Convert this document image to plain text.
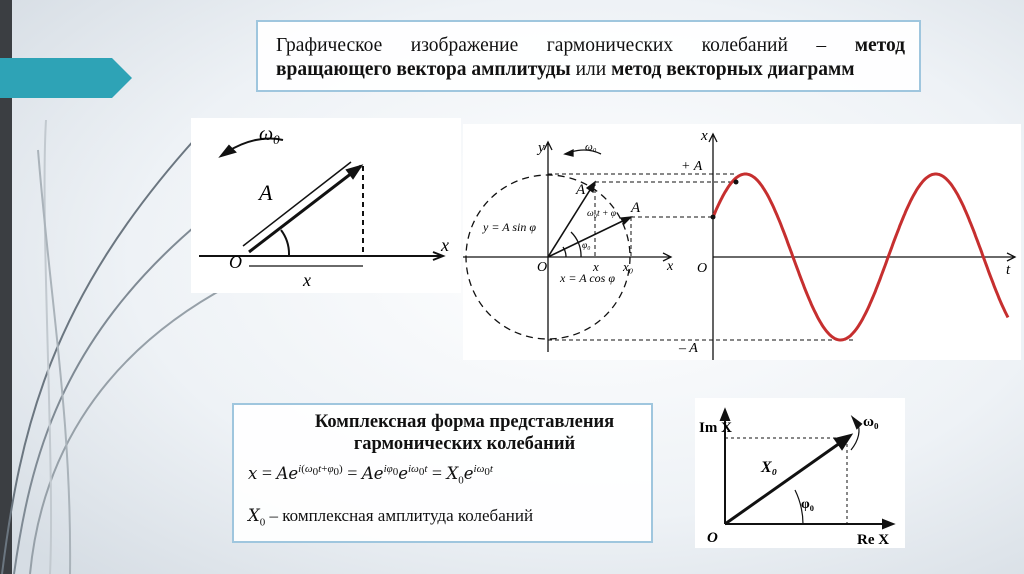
Графическое изображение гармонических колебаний – метод
вращающего вектора амплитуды или метод векторных диаграмм
$\omega_0$
A
O
x
x
y	ω₀
A
A
ω₀t + φ
φ₀
y = A sin φ
x = A cos φ
O	x x₀ x
x
+ A
– A
O	t
Комплексная форма представления
гармонических колебаний
$x = Ae^{i(\omega_0t+\varphi_0)} = Ae^{i\varphi_0}e^{i\omega_0t} = X_0e^{i\omega_0t}$
$X_0$ – комплексная амплитуда колебаний
Im X
Re X
X₀
φ₀
ω₀
O
